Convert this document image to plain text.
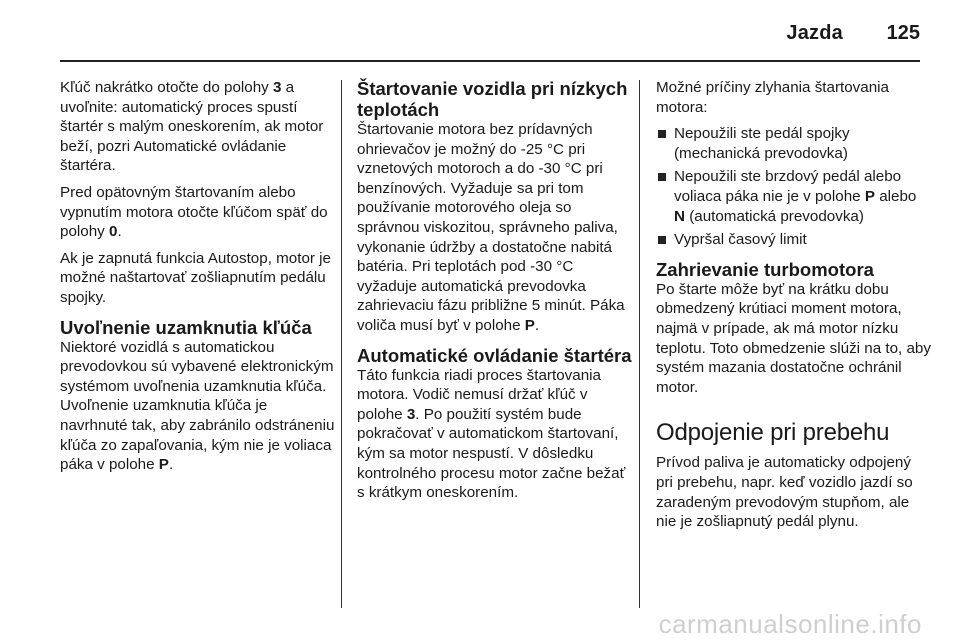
Jazda 125

Kľúč nakrátko otočte do polohy 3 a uvoľnite: automatický proces spustí štartér s malým oneskorením, ak motor beží, pozri Automatické ovládanie štartéra.

Pred opätovným štartovaním alebo vypnutím motora otočte kľúčom späť do polohy 0.

Ak je zapnutá funkcia Autostop, motor je možné naštartovať zošliapnutím pedálu spojky.

Uvoľnenie uzamknutia kľúča

Niektoré vozidlá s automatickou prevodovkou sú vybavené elektronickým systémom uvoľnenia uzamknutia kľúča. Uvoľnenie uzamknutia kľúča je navrhnuté tak, aby zabránilo odstráneniu kľúča zo zapaľovania, kým nie je voliaca páka v polohe P.

Štartovanie vozidla pri nízkych teplotách

Štartovanie motora bez prídavných ohrievačov je možný do -25 °C pri vznetových motoroch a do -30 °C pri benzínových. Vyžaduje sa pri tom používanie motorového oleja so správnou viskozitou, správneho paliva, vykonanie údržby a dostatočne nabitá batéria. Pri teplotách pod -30 °C vyžaduje automatická prevodovka zahrievaciu fázu približne 5 minút. Páka voliča musí byť v polohe P.

Automatické ovládanie štartéra

Táto funkcia riadi proces štartovania motora. Vodič nemusí držať kľúč v polohe 3. Po použití systém bude pokračovať v automatickom štartovaní, kým sa motor nespustí. V dôsledku kontrolného procesu motor začne bežať s krátkym oneskorením.

Možné príčiny zlyhania štartovania motora:

Nepoužili ste pedál spojky (mechanická prevodovka)
Nepoužili ste brzdový pedál alebo voliaca páka nie je v polohe P alebo N (automatická prevodovka)
Vypršal časový limit
Zahrievanie turbomotora

Po štarte môže byť na krátku dobu obmedzený krútiaci moment motora, najmä v prípade, ak má motor nízku teplotu. Toto obmedzenie slúži na to, aby systém mazania dostatočne ochránil motor.

Odpojenie pri prebehu

Prívod paliva je automaticky odpojený pri prebehu, napr. keď vozidlo jazdí so zaradeným prevodovým stupňom, ale nie je zošliapnutý pedál plynu.

carmanualsonline.info
